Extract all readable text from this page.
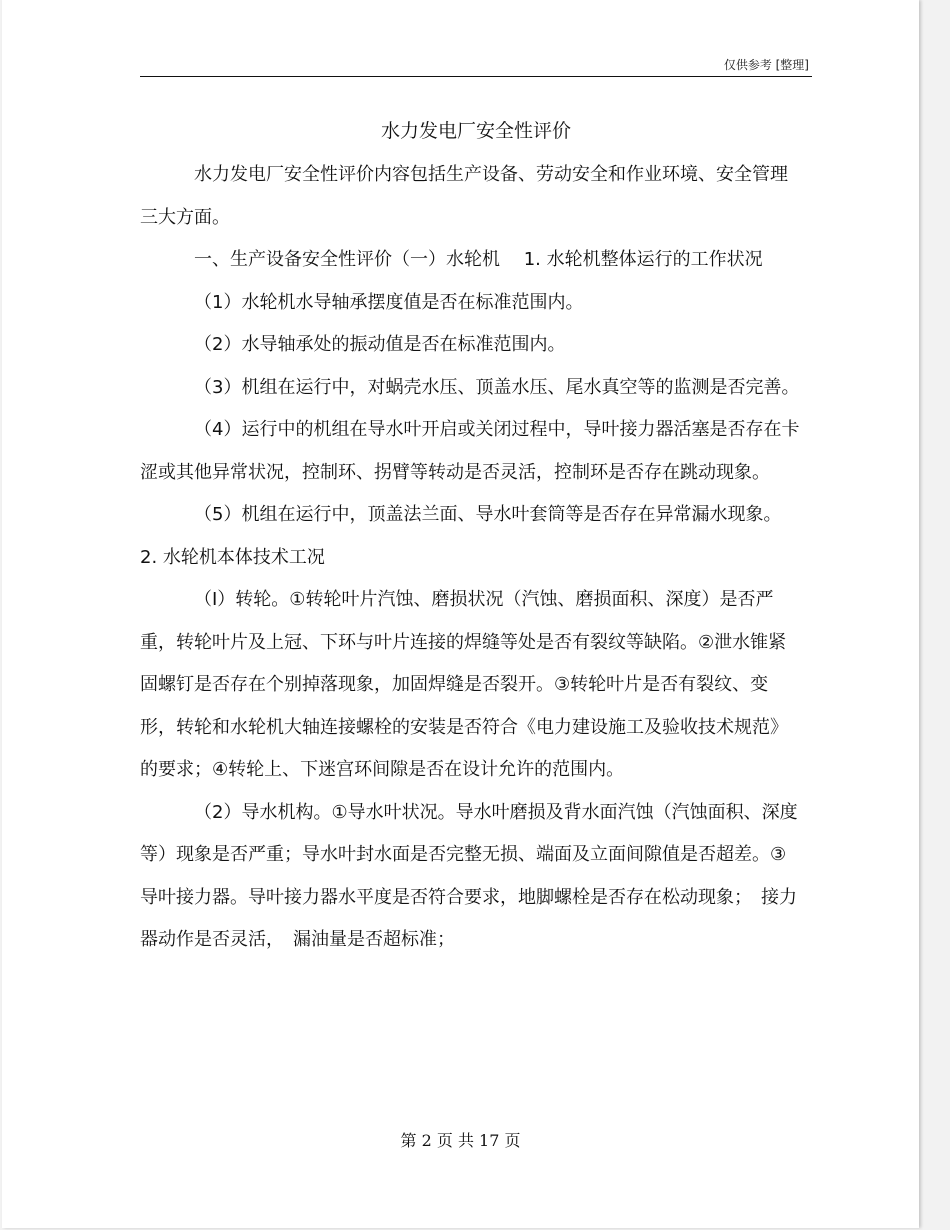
仅供参考 [整理]
水力发电厂安全性评价

水力发电厂安全性评价内容包括生产设备、劳动安全和作业环境、安全管理三大方面。

一、生产设备安全性评价（一）水轮机　 1. 水轮机整体运行的工作状况

（1）水轮机水导轴承摆度值是否在标准范围内。

（2）水导轴承处的振动值是否在标准范围内。

（3）机组在运行中，对蜗壳水压、顶盖水压、尾水真空等的监测是否完善。

（4）运行中的机组在导水叶开启或关闭过程中，导叶接力器活塞是否存在卡涩或其他异常状况，控制环、拐臂等转动是否灵活，控制环是否存在跳动现象。

（5）机组在运行中，顶盖法兰面、导水叶套筒等是否存在异常漏水现象。 2. 水轮机本体技术工况

（I）转轮。①转轮叶片汽蚀、磨损状况（汽蚀、磨损面积、深度）是否严重，转轮叶片及上冠、下环与叶片连接的焊缝等处是否有裂纹等缺陷。②泄水锥紧固螺钉是否存在个别掉落现象，加固焊缝是否裂开。③转轮叶片是否有裂纹、变形，转轮和水轮机大轴连接螺栓的安装是否符合《电力建设施工及验收技术规范》的要求；④转轮上、下迷宫环间隙是否在设计允许的范围内。

（2）导水机构。①导水叶状况。导水叶磨损及背水面汽蚀（汽蚀面积、深度等）现象是否严重；导水叶封水面是否完整无损、端面及立面间隙值是否超差。③导叶接力器。导叶接力器水平度是否符合要求，地脚螺栓是否存在松动现象；　接力器动作是否灵活，　漏油量是否超标准；

第 2 页 共 17 页
